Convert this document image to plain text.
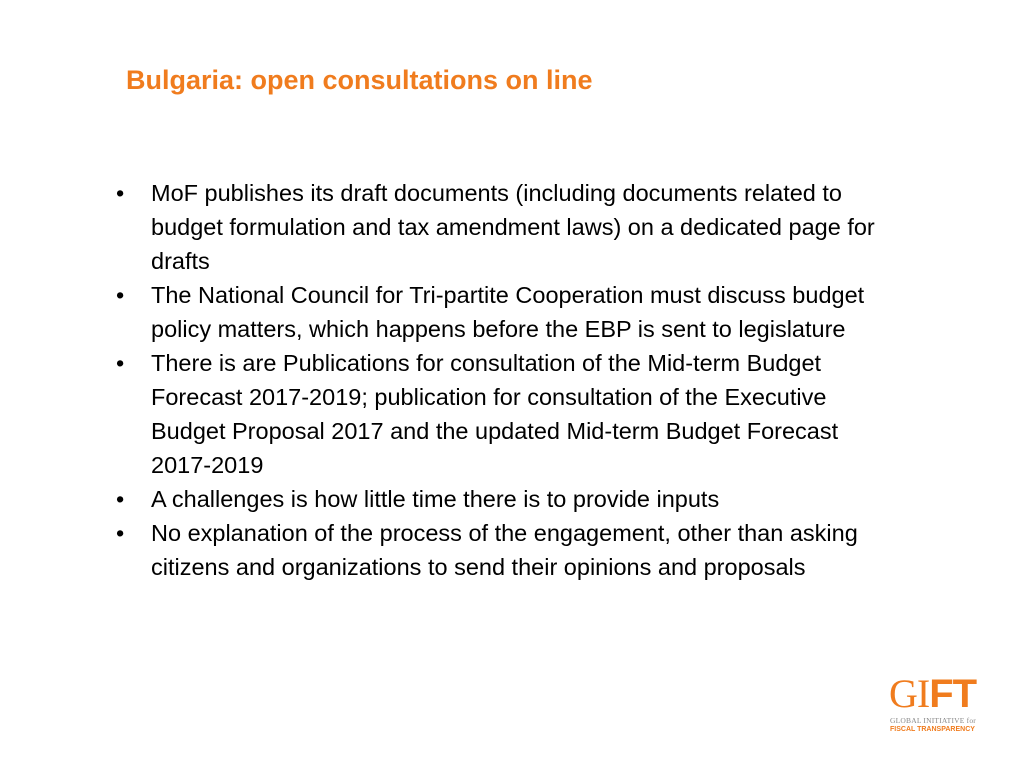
Bulgaria: open consultations on line
•	MoF publishes its draft documents (including documents related to budget formulation and tax amendment laws) on a dedicated page for drafts
•	The National Council for Tri-partite Cooperation must discuss budget policy matters, which happens before the EBP is sent to legislature
•	There is are Publications for consultation of the Mid-term Budget Forecast 2017-2019; publication for consultation of the Executive Budget Proposal 2017 and the updated Mid-term Budget Forecast 2017-2019
•	A challenges is how little time there is to provide inputs
•	No explanation of the process of the engagement, other than asking citizens and organizations to send their opinions and proposals
GIFT
GLOBAL INITIATIVE for
FISCAL TRANSPARENCY
